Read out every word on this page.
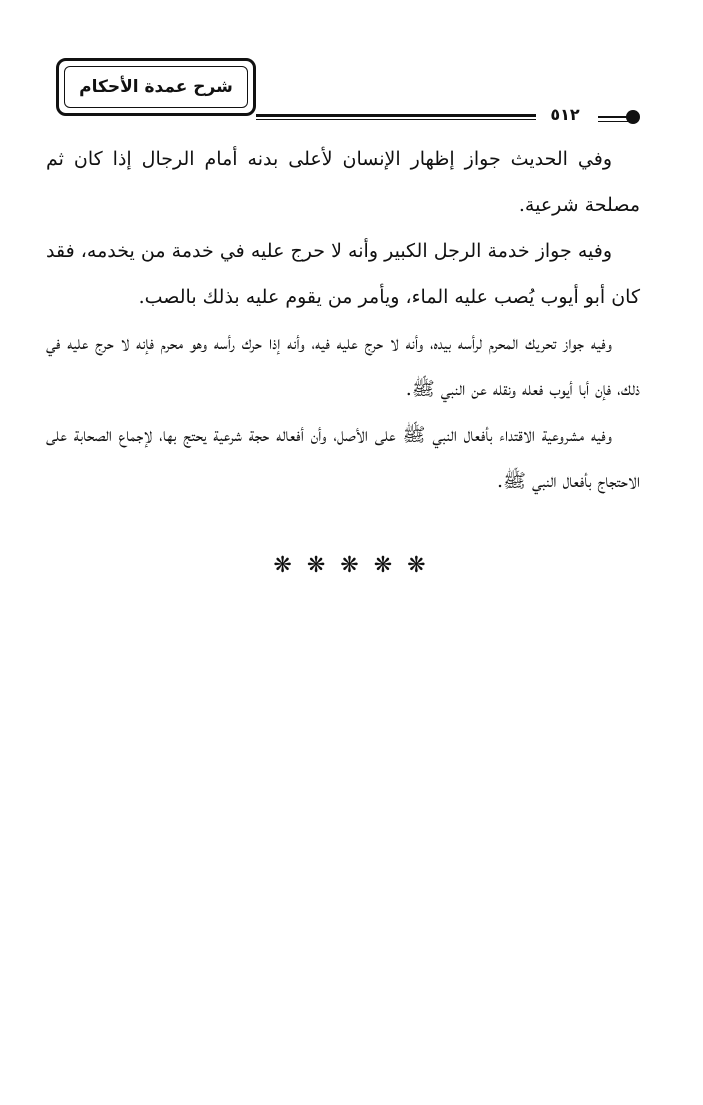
شرح عمدة الأحكام
٥١٢

وفي الحديث جواز إظهار الإنسان لأعلى بدنه أمام الرجال إذا كان ثم مصلحة شرعية.

وفيه جواز خدمة الرجل الكبير وأنه لا حرج عليه في خدمة من يخدمه، فقد كان أبو أيوب يُصب عليه الماء، ويأمر من يقوم عليه بذلك بالصب.

وفيه جواز تحريك المحرم لرأسه بيده، وأنه لا حرج عليه فيه، وأنه إذا حرك رأسه وهو محرم فإنه لا حرج عليه في ذلك، فإن أبا أيوب فعله ونقله عن النبي ﷺ.

وفيه مشروعية الاقتداء بأفعال النبي ﷺ على الأصل، وأن أفعاله حجة شرعية يحتج بها، لإجماع الصحابة على الاحتجاج بأفعال النبي ﷺ.

❋ ❋ ❋ ❋ ❋
